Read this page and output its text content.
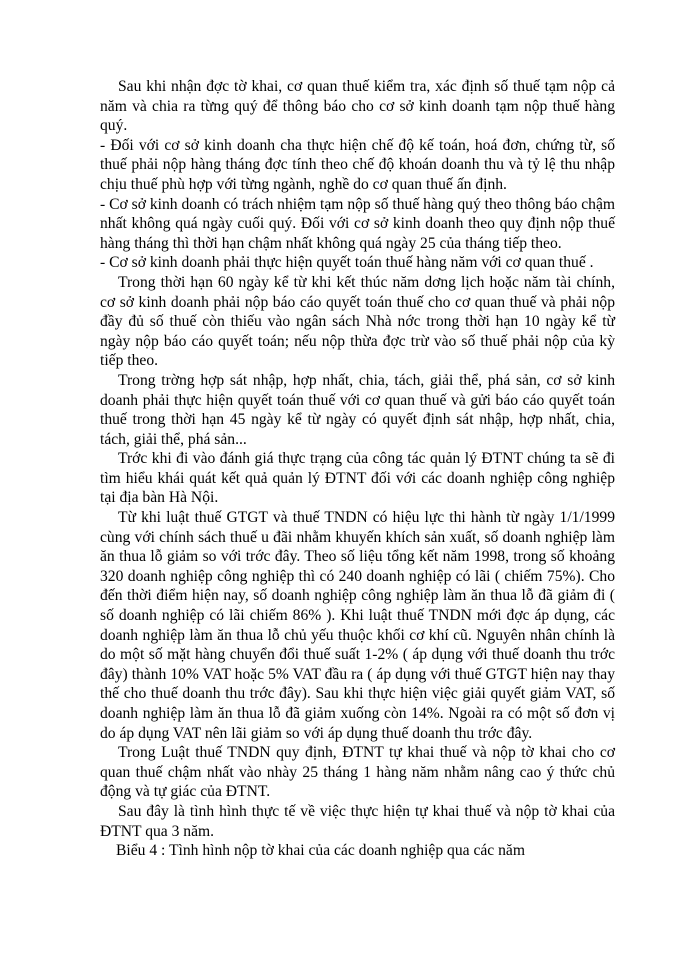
Sau khi nhận đợc tờ khai, cơ quan thuế kiểm tra, xác định số thuế tạm nộp cả năm và chia ra từng quý để thông báo cho cơ sở kinh doanh tạm nộp thuế hàng quý.

- Đối với cơ sở kinh doanh cha thực hiện chế độ kế toán, hoá đơn, chứng từ, số thuế phải nộp hàng tháng đợc tính theo chế độ khoán doanh thu và tỷ lệ thu nhập chịu thuế phù hợp với từng ngành, nghề do cơ quan thuế ấn định.

- Cơ sở kinh doanh có trách nhiệm tạm nộp số thuế hàng quý theo thông báo chậm nhất không quá ngày cuối quý. Đối với cơ sở kinh doanh theo quy định nộp thuế hàng tháng thì thời hạn chậm nhất không quá ngày 25 của tháng tiếp theo.

- Cơ sở kinh doanh phải thực hiện quyết toán thuế hàng năm với cơ quan thuế .

Trong thời hạn 60 ngày kể từ khi kết thúc năm dơng lịch hoặc năm tài chính, cơ sở kinh doanh phải nộp báo cáo quyết toán thuế cho cơ quan thuế và phải nộp đầy đủ số thuế còn thiếu vào ngân sách Nhà nớc trong thời hạn 10 ngày kể từ ngày nộp báo cáo quyết toán; nếu nộp thừa đợc trừ vào số thuế phải nộp của kỳ tiếp theo.

Trong trờng hợp sát nhập, hợp nhất, chia, tách, giải thể, phá sản, cơ sở kinh doanh phải thực hiện quyết toán thuế với cơ quan thuế và gửi báo cáo quyết toán thuế trong thời hạn 45 ngày kể từ ngày có quyết định sát nhập, hợp nhất, chia, tách, giải thể, phá sản...

Trớc khi đi vào đánh giá thực trạng của công tác quản lý ĐTNT chúng ta sẽ đi tìm hiểu khái quát kết quả quản lý ĐTNT đối với các doanh nghiệp công nghiệp tại địa bàn Hà Nội.

Từ khi luật thuế GTGT và thuế TNDN có hiệu lực thi hành từ ngày 1/1/1999 cùng với chính sách thuế u đãi nhằm khuyến khích sản xuất, số doanh nghiệp làm ăn thua lỗ giảm so với trớc đây. Theo số liệu tổng kết năm 1998, trong số khoảng 320 doanh nghiệp công nghiệp thì có 240 doanh nghiệp có lãi ( chiếm 75%). Cho đến thời điểm hiện nay, số doanh nghiệp công nghiệp làm ăn thua lỗ đã giảm đi ( số doanh nghiệp có lãi chiếm 86% ). Khi luật thuế TNDN mới đợc áp dụng, các doanh nghiệp làm ăn thua lỗ chủ yếu thuộc khối cơ khí cũ. Nguyên nhân chính là do một số mặt hàng chuyển đổi thuế suất 1-2% ( áp dụng với thuế doanh thu trớc đây) thành 10% VAT hoặc 5% VAT đầu ra ( áp dụng với thuế GTGT hiện nay thay thế cho thuế doanh thu trớc đây). Sau khi thực hiện việc giải quyết giảm VAT, số doanh nghiệp làm ăn thua lỗ đã giảm xuống còn 14%. Ngoài ra có một số đơn vị do áp dụng VAT nên lãi giảm so với áp dụng thuế doanh thu trớc đây.

Trong Luật thuế TNDN quy định, ĐTNT tự khai thuế và nộp tờ khai cho cơ quan thuế chậm nhất vào nhày 25 tháng 1 hàng năm nhằm nâng cao ý thức chủ động và tự giác của ĐTNT.

Sau đây là tình hình thực tế về việc thực hiện tự khai thuế và nộp tờ khai của ĐTNT qua 3 năm.

Biểu 4 : Tình hình nộp tờ khai của các doanh nghiệp qua các năm
